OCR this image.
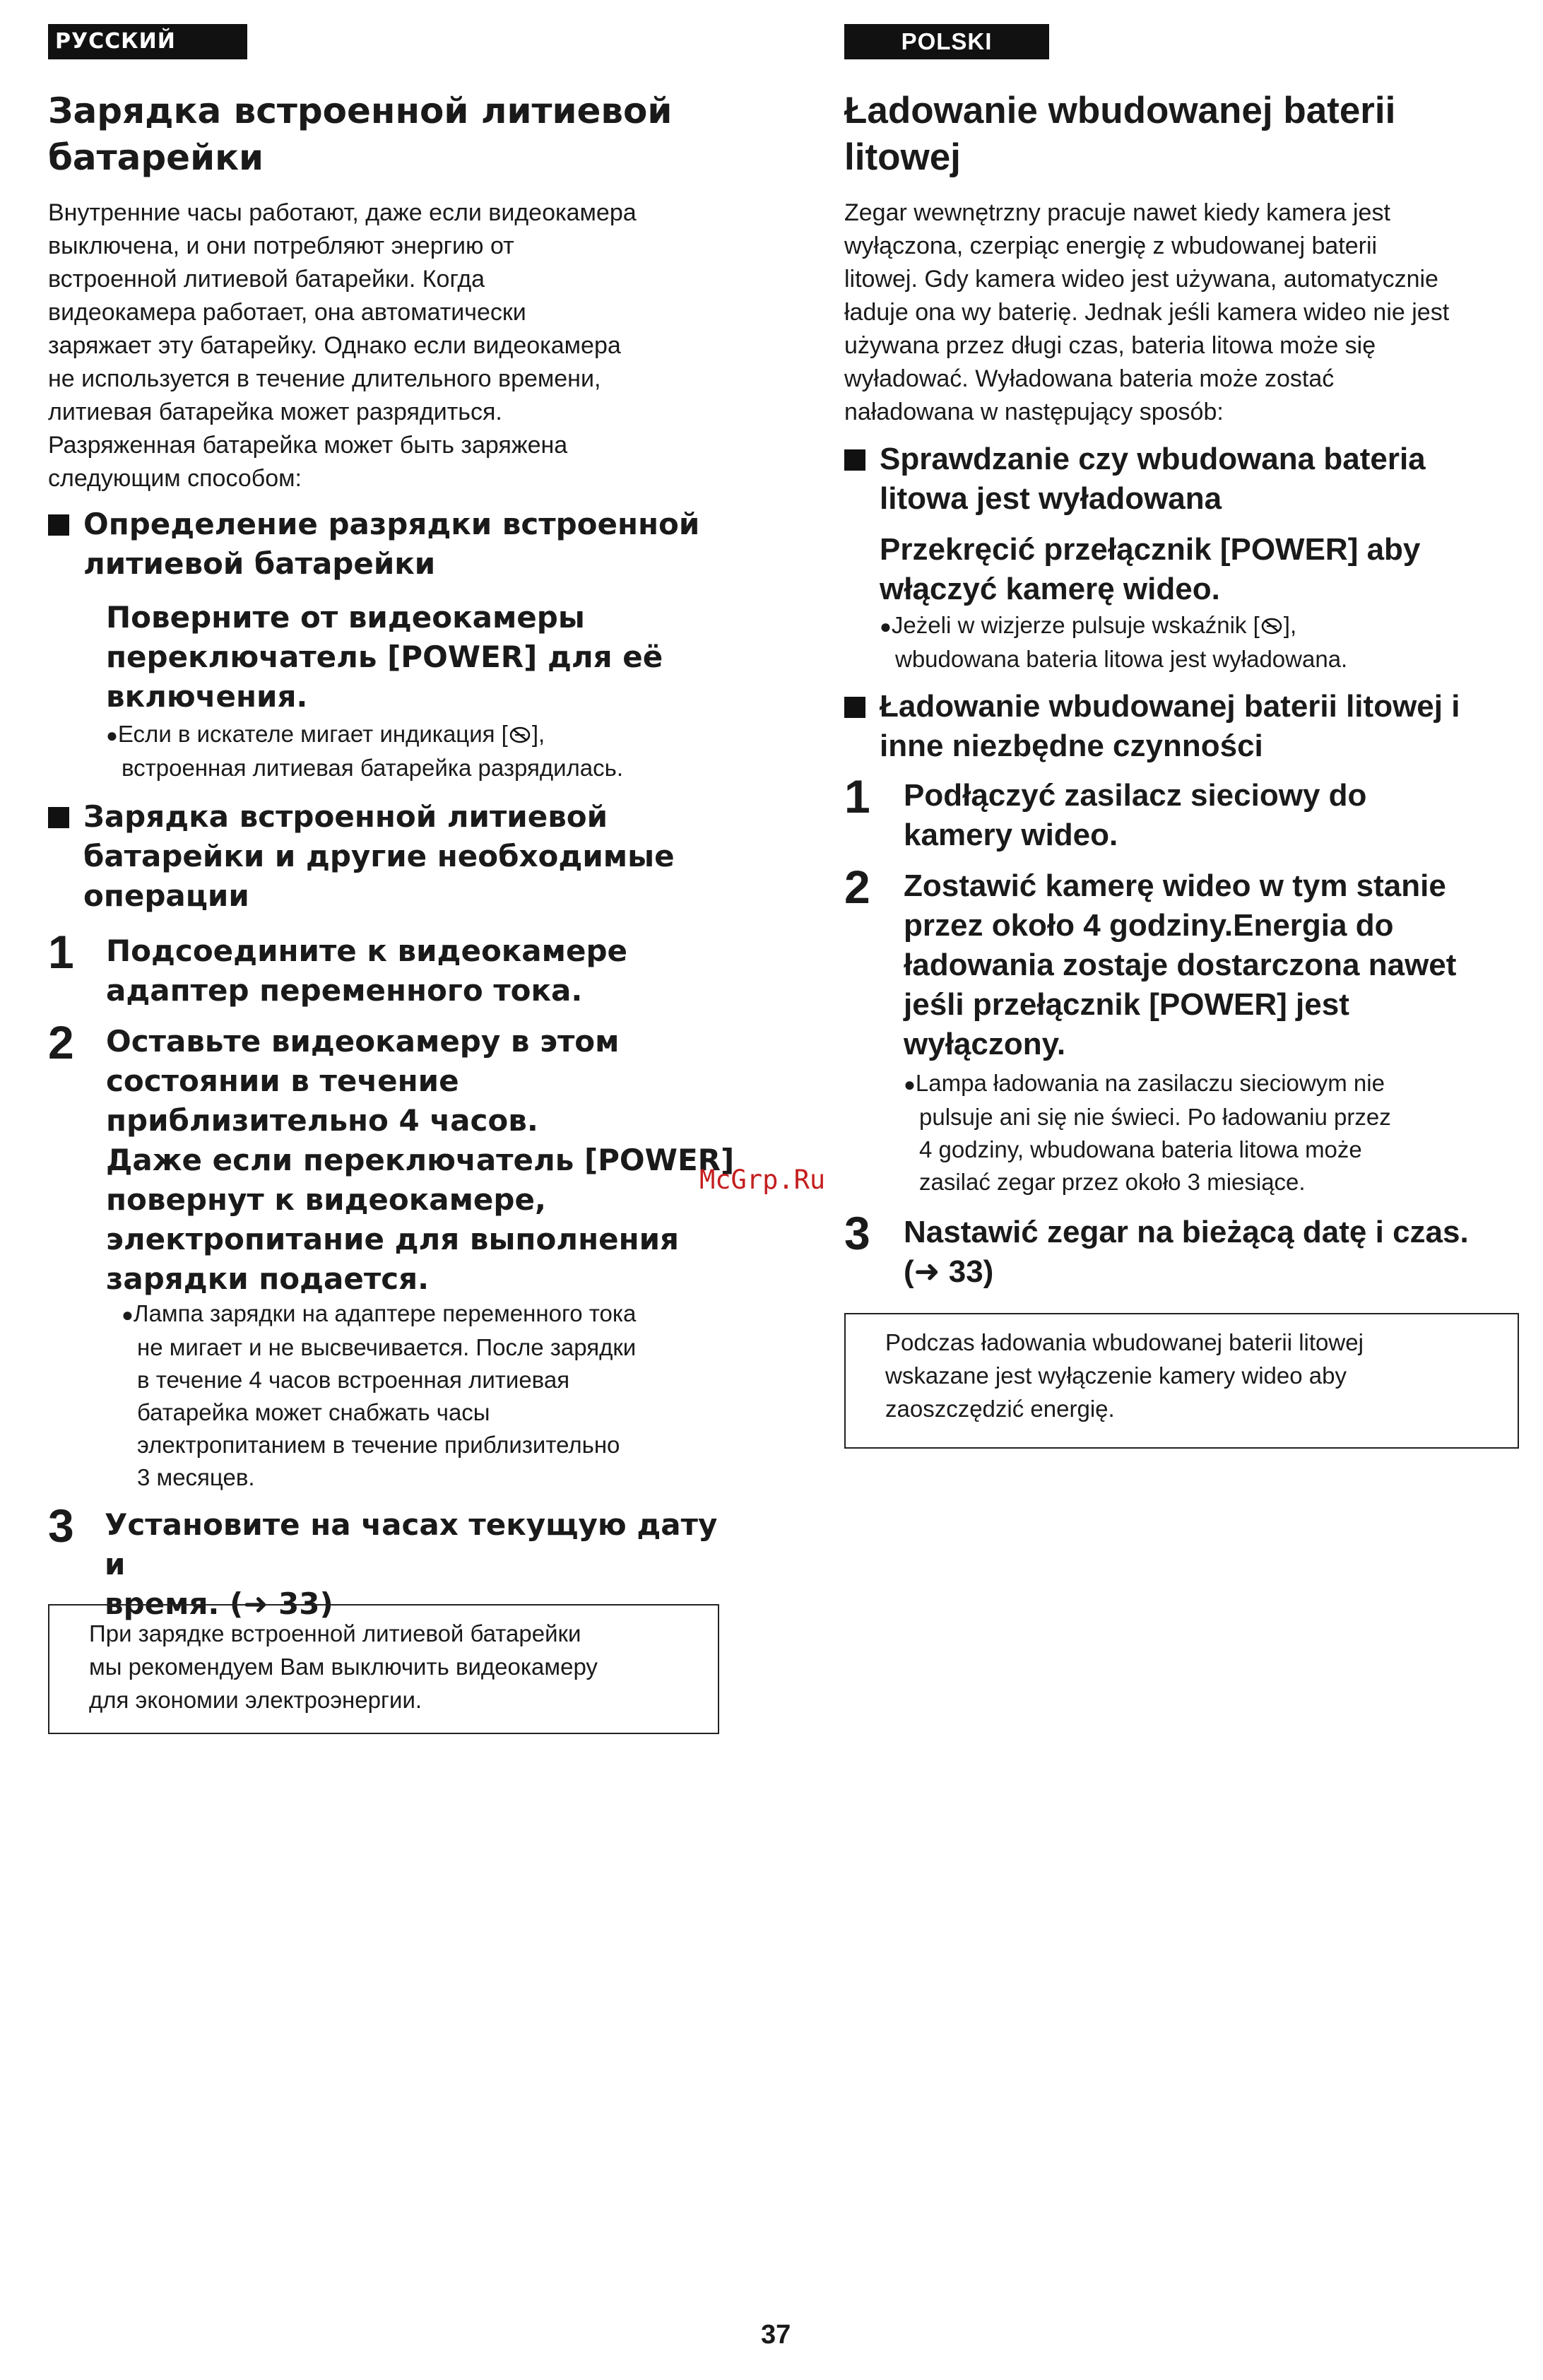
РУССКИЙ ЯЗЫК
Зарядка встроенной литиевой
батарейки

Внутренние часы работают, даже если видеокамера
выключена, и они потребляют энергию от
встроенной литиевой батарейки. Когда
видеокамера работает, она автоматически
заряжает эту батарейку. Однако если видеокамера
не используется в течение длительного времени,
литиевая батарейка может разрядиться.
Разряженная батарейка может быть заряжена
следующим способом:

Определение разрядки встроенной
литиевой батарейки

Поверните от видеокамеры
переключатель [POWER] для её
включения.

●Если в искателе мигает индикация [ ],
встроенная литиевая батарейка разрядилась.

Зарядка встроенной литиевой
батарейки и другие необходимые
операции
1 Подсоедините к видеокамере
адаптер переменного тока.

2 Оставьте видеокамеру в этом
состоянии в течение
приблизительно 4 часов.
Даже если переключатель [POWER]
повернут к видеокамере,
электропитание для выполнения
зарядки подается.

●Лампа зарядки на адаптере переменного тока
не мигает и не высвечивается. После зарядки
в течение 4 часов встроенная литиевая
батарейка может снабжать часы
электропитанием в течение приблизительно
3 месяцев.

3 Установите на часах текущую дату и
время. (➜ 33)

При зарядке встроенной литиевой батарейки
мы рекомендуем Вам выключить видеокамеру
для экономии электроэнергии.
POLSKI
Ładowanie wbudowanej baterii
litowej

Zegar wewnętrzny pracuje nawet kiedy kamera jest
wyłączona, czerpiąc energię z wbudowanej baterii
litowej. Gdy kamera wideo jest używana, automatycznie
ładuje ona wy baterię. Jednak jeśli kamera wideo nie jest
używana przez długi czas, bateria litowa może się
wyładować. Wyładowana bateria może zostać
naładowana w następujący sposób:

Sprawdzanie czy wbudowana bateria
litowa jest wyładowana

Przekręcić przełącznik [POWER] aby
włączyć kamerę wideo.

●Jeżeli w wizjerze pulsuje wskaźnik [ ],
wbudowana bateria litowa jest wyładowana.

Ładowanie wbudowanej baterii litowej i
inne niezbędne czynności
1 Podłączyć zasilacz sieciowy do
kamery wideo.

2 Zostawić kamerę wideo w tym stanie
przez około 4 godziny.Energia do
ładowania zostaje dostarczona nawet
jeśli przełącznik [POWER] jest
wyłączony.

●Lampa ładowania na zasilaczu sieciowym nie
pulsuje ani się nie świeci. Po ładowaniu przez
4 godziny, wbudowana bateria litowa może
zasilać zegar przez około 3 miesiące.

3 Nastawić zegar na bieżącą datę i czas.
(➜ 33)

Podczas ładowania wbudowanej baterii litowej
wskazane jest wyłączenie kamery wideo aby
zaoszczędzić energię.
McGrp.Ru
37
